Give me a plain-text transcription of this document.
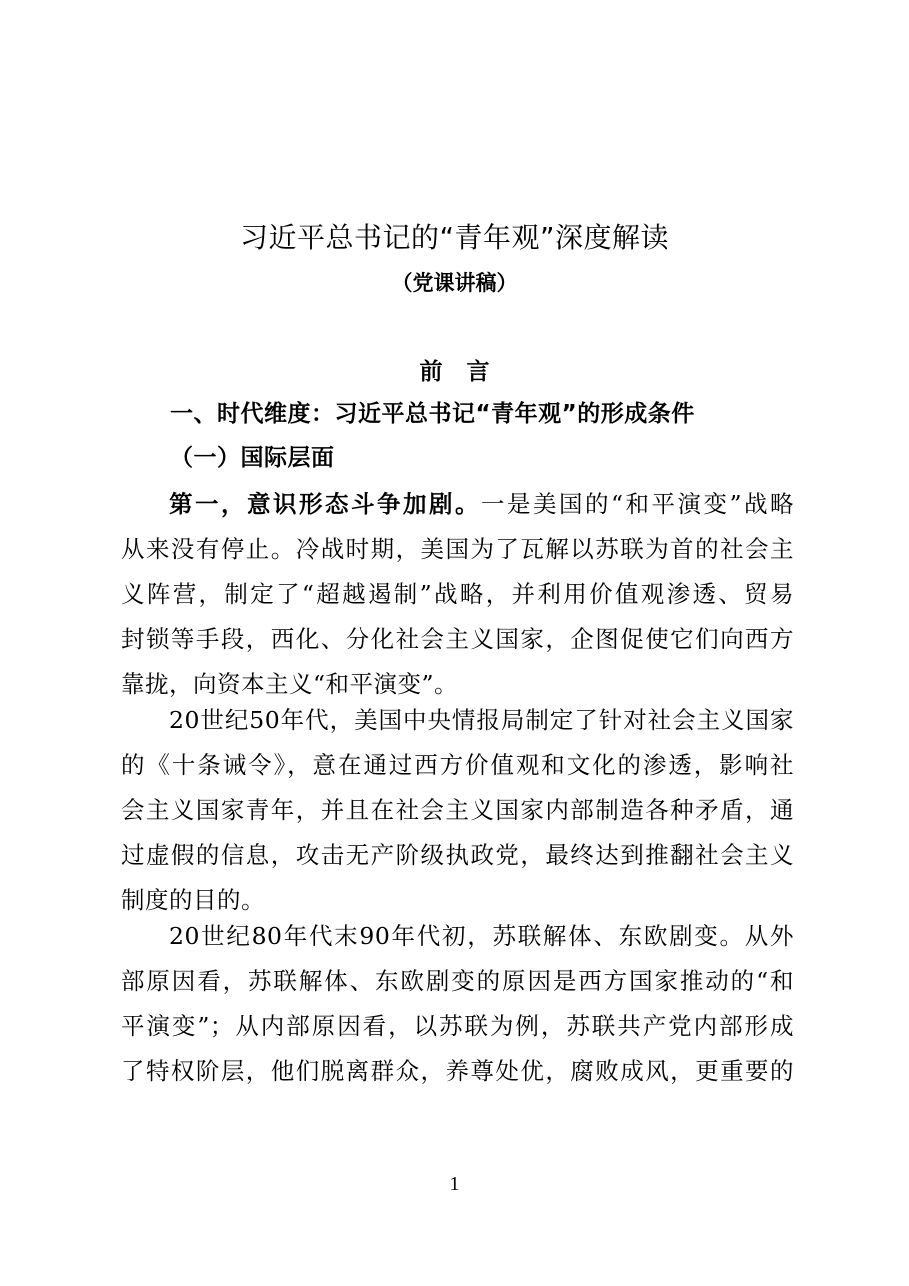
习近平总书记的“青年观”深度解读
（党课讲稿）
前言
一、时代维度：习近平总书记“青年观”的形成条件
（一）国际层面
第一，意识形态斗争加剧。一是美国的“和平演变”战略
从来没有停止。冷战时期，美国为了瓦解以苏联为首的社会主
义阵营，制定了“超越遏制”战略，并利用价值观渗透、贸易
封锁等手段，西化、分化社会主义国家，企图促使它们向西方
靠拢，向资本主义“和平演变”。
20世纪50年代，美国中央情报局制定了针对社会主义国家
的《十条诫令》，意在通过西方价值观和文化的渗透，影响社
会主义国家青年，并且在社会主义国家内部制造各种矛盾，通
过虚假的信息，攻击无产阶级执政党，最终达到推翻社会主义
制度的目的。
20世纪80年代末90年代初，苏联解体、东欧剧变。从外
部原因看，苏联解体、东欧剧变的原因是西方国家推动的“和
平演变”；从内部原因看，以苏联为例，苏联共产党内部形成
了特权阶层，他们脱离群众，养尊处优，腐败成风，更重要的
1
